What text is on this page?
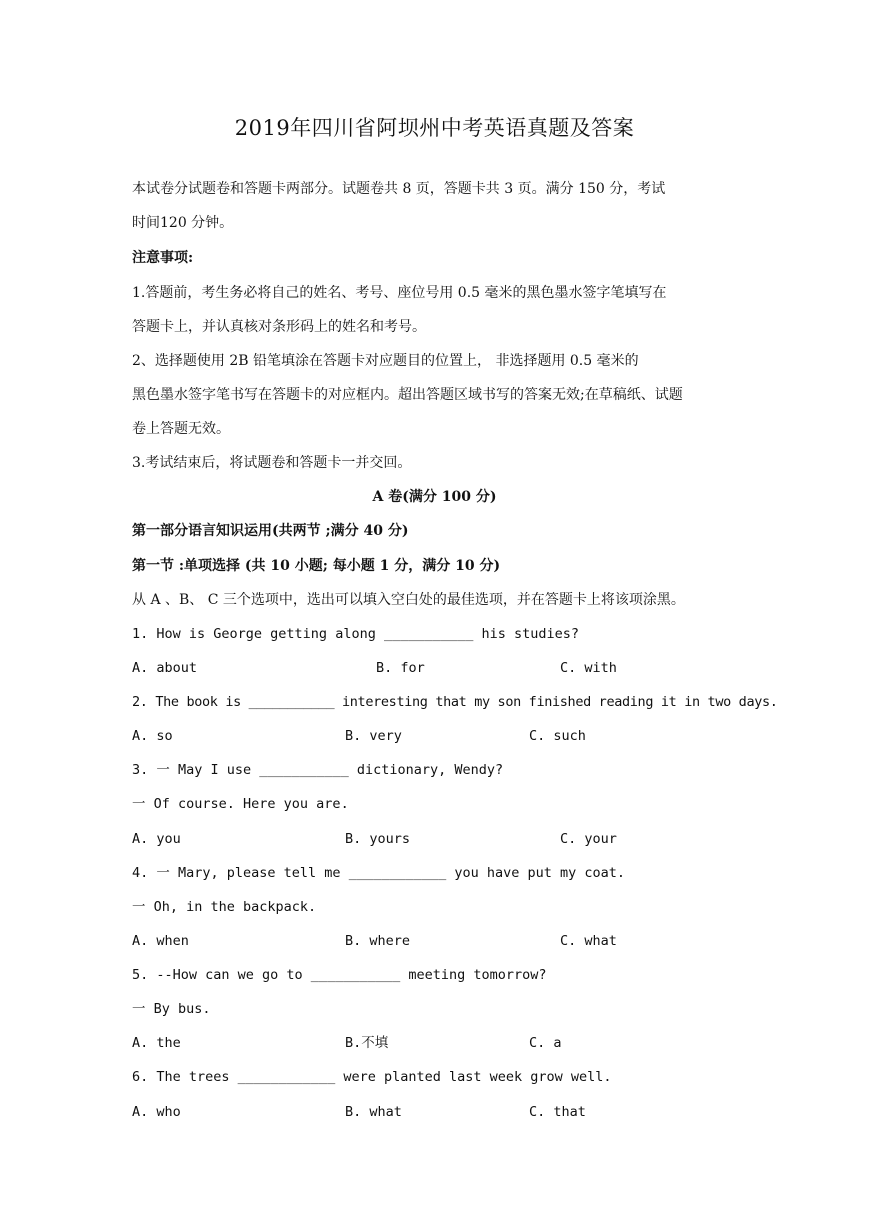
2019年四川省阿坝州中考英语真题及答案
本试卷分试题卷和答题卡两部分。试题卷共 8 页，答题卡共 3 页。满分 150 分，考试
时间120 分钟。
注意事项:
1.答题前，考生务必将自己的姓名、考号、座位号用 0.5 毫米的黑色墨水签字笔填写在
答题卡上，并认真核对条形码上的姓名和考号。
2、选择题使用 2B 铅笔填涂在答题卡对应题目的位置上， 非选择题用 0.5 毫米的
黑色墨水签字笔书写在答题卡的对应框内。超出答题区域书写的答案无效;在草稿纸、试题
卷上答题无效。
3.考试结束后，将试题卷和答题卡一并交回。
A 卷(满分 100 分)
第一部分语言知识运用(共两节 ;满分 40 分)
第一节 :单项选择 (共 10 小题; 每小题 1 分，满分 10 分)
从 A 、B、 C 三个选项中，选出可以填入空白处的最佳选项，并在答题卡上将该项涂黑。
1. How is George getting along ___________ his studies?
A. about	B. for	C. with
2. The book is ___________ interesting that my son finished reading it in two days.
A. so	B. very	C. such
3. 一 May I use ___________ dictionary, Wendy?
一 Of course. Here you are.
A. you	B. yours	C. your
4. 一 Mary, please tell me ____________ you have put my coat.
一 Oh, in the backpack.
A. when	B. where	C. what
5. --How can we go to ___________ meeting tomorrow?
一 By bus.
A. the	B.不填	C. a
6. The trees ____________ were planted last week grow well.
A. who	B. what	C. that
